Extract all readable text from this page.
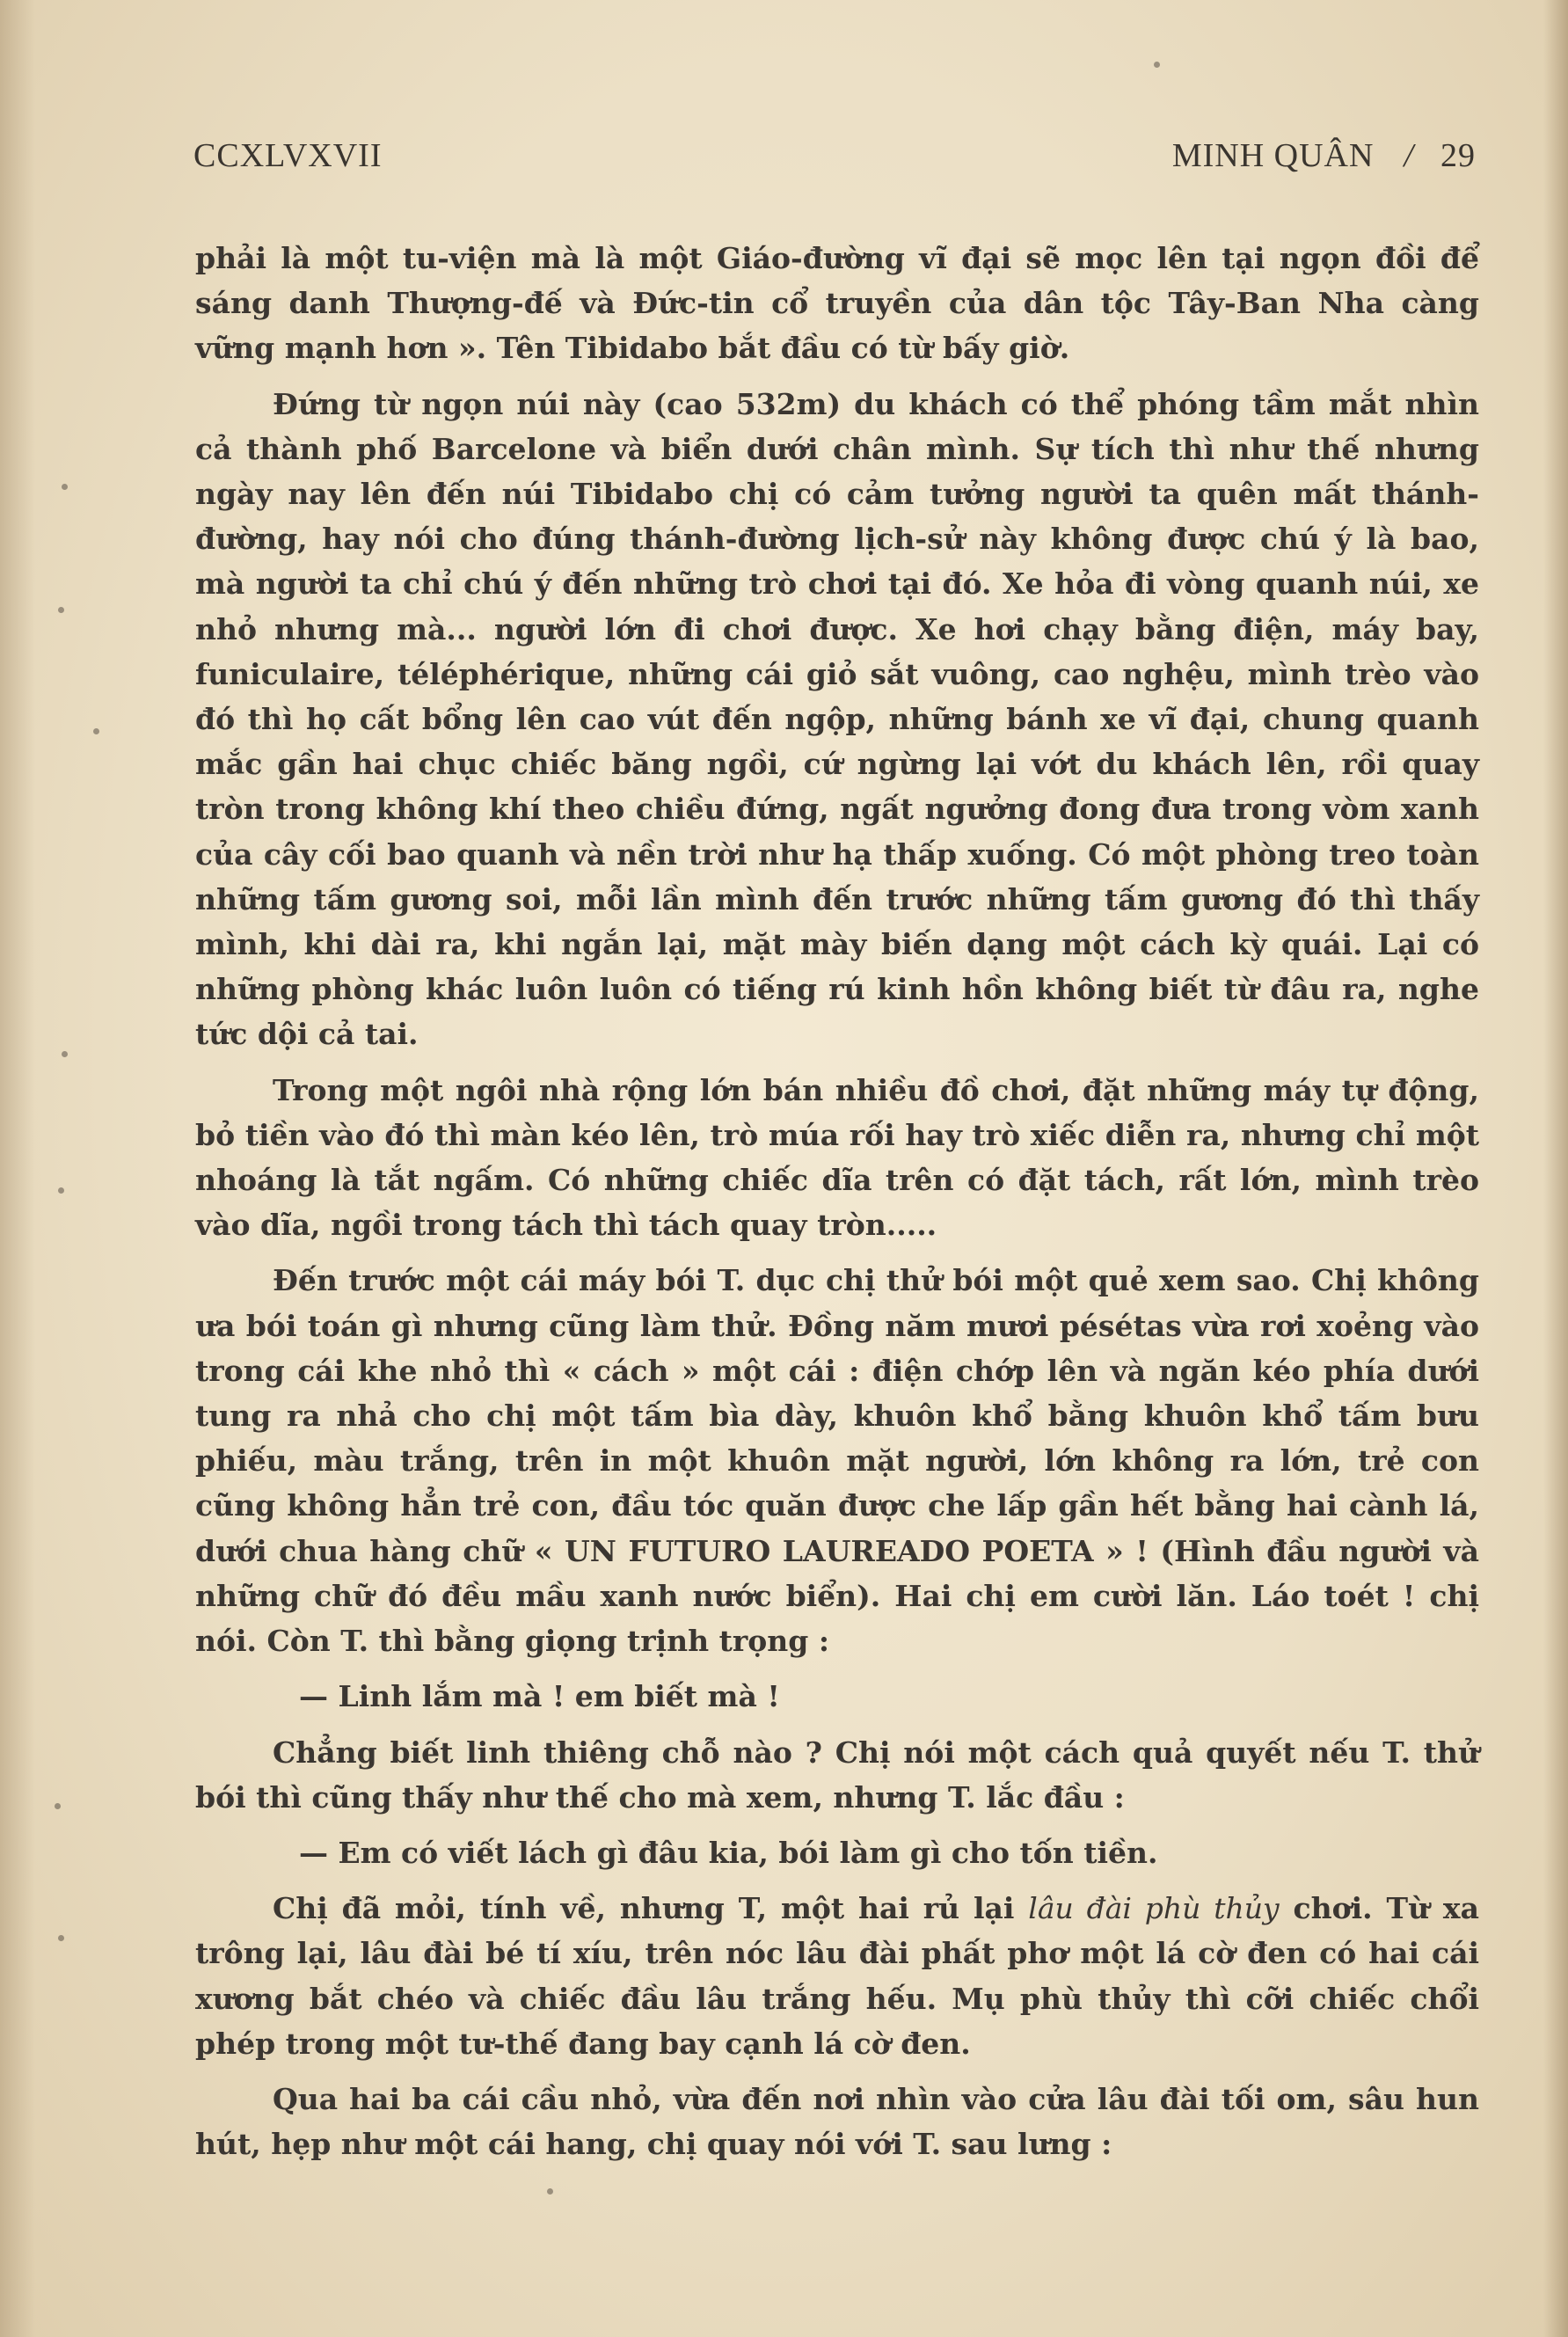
CCXLVXVII	MINH QUÂN / 29

phải là một tu-viện mà là một Giáo-đường vĩ đại sẽ mọc lên tại ngọn đồi để sáng danh Thượng-đế và Đức-tin cổ truyền của dân tộc Tây-Ban Nha càng vững mạnh hơn ». Tên Tibidabo bắt đầu có từ bấy giờ.

Đứng từ ngọn núi này (cao 532m) du khách có thể phóng tầm mắt nhìn cả thành phố Barcelone và biển dưới chân mình. Sự tích thì như thế nhưng ngày nay lên đến núi Tibidabo chị có cảm tưởng người ta quên mất thánh-đường, hay nói cho đúng thánh-đường lịch-sử này không được chú ý là bao, mà người ta chỉ chú ý đến những trò chơi tại đó. Xe hỏa đi vòng quanh núi, xe nhỏ nhưng mà... người lớn đi chơi được. Xe hơi chạy bằng điện, máy bay, funiculaire, téléphérique, những cái giỏ sắt vuông, cao nghệu, mình trèo vào đó thì họ cất bổng lên cao vút đến ngộp, những bánh xe vĩ đại, chung quanh mắc gần hai chục chiếc băng ngồi, cứ ngừng lại vớt du khách lên, rồi quay tròn trong không khí theo chiều đứng, ngất ngưởng đong đưa trong vòm xanh của cây cối bao quanh và nền trời như hạ thấp xuống. Có một phòng treo toàn những tấm gương soi, mỗi lần mình đến trước những tấm gương đó thì thấy mình, khi dài ra, khi ngắn lại, mặt mày biến dạng một cách kỳ quái. Lại có những phòng khác luôn luôn có tiếng rú kinh hồn không biết từ đâu ra, nghe tức dội cả tai.

Trong một ngôi nhà rộng lớn bán nhiều đồ chơi, đặt những máy tự động, bỏ tiền vào đó thì màn kéo lên, trò múa rối hay trò xiếc diễn ra, nhưng chỉ một nhoáng là tắt ngấm. Có những chiếc dĩa trên có đặt tách, rất lớn, mình trèo vào dĩa, ngồi trong tách thì tách quay tròn.....

Đến trước một cái máy bói T. dục chị thử bói một quẻ xem sao. Chị không ưa bói toán gì nhưng cũng làm thử. Đồng năm mươi pésétas vừa rơi xoẻng vào trong cái khe nhỏ thì « cách » một cái : điện chớp lên và ngăn kéo phía dưới tung ra nhả cho chị một tấm bìa dày, khuôn khổ bằng khuôn khổ tấm bưu phiếu, màu trắng, trên in một khuôn mặt người, lớn không ra lớn, trẻ con cũng không hẳn trẻ con, đầu tóc quăn được che lấp gần hết bằng hai cành lá, dưới chua hàng chữ « UN FUTURO LAUREADO POETA » ! (Hình đầu người và những chữ đó đều mầu xanh nước biển). Hai chị em cười lăn. Láo toét ! chị nói. Còn T. thì bằng giọng trịnh trọng :

— Linh lắm mà ! em biết mà !

Chẳng biết linh thiêng chỗ nào ? Chị nói một cách quả quyết nếu T. thử bói thì cũng thấy như thế cho mà xem, nhưng T. lắc đầu :

— Em có viết lách gì đâu kia, bói làm gì cho tốn tiền.

Chị đã mỏi, tính về, nhưng T, một hai rủ lại lâu đài phù thủy chơi. Từ xa trông lại, lâu đài bé tí xíu, trên nóc lâu đài phất phơ một lá cờ đen có hai cái xương bắt chéo và chiếc đầu lâu trắng hếu. Mụ phù thủy thì cỡi chiếc chổi phép trong một tư-thế đang bay cạnh lá cờ đen.

Qua hai ba cái cầu nhỏ, vừa đến nơi nhìn vào cửa lâu đài tối om, sâu hun hút, hẹp như một cái hang, chị quay nói với T. sau lưng :
